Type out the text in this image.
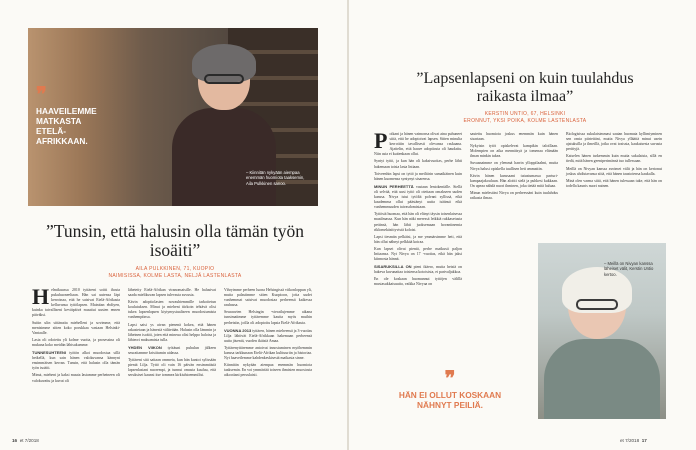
❞
HAAVEILEMME MATKASTA ETELÄ-AFRIKKAAN.
– Kiinnitän nykyään aiempaa enemmän huomiota taaksemin, Aila Pulkkinen sanoo.
”Tunsin, että halusin olla tämän työn isoäiti”
AILA PULKKINEN, 71, KUOPIO
NAIMISISSA, KOLME LASTA, NELJÄ LASTENLASTA

Helmikuussa 2010 tyttäreni soitti ihosta pukuhuoneeltaan. Hän sai uutensa läpi kerroinaa, että he saisivat Etelä-Afrikasta kelluvansa tyttölapsen. Mainitan ehdiyen, kuinka taivalliseni kevätpäivä muuttui uusien ennen päiväksi.

Suitin ulin sittänatta miehelleni ja sovimme, että menisimme sitten koko porukkaa vastaan Helsinki-Vantaalle.

Lasia oli odotettu yli kolme vuotta, ja prosessina oli mukana koko meidän lähisukumme.

TUNNESUHTEENI työtön alkoi muodostua sillä hetkellä, kun sain hänen valokuvansa kännyni ensimmäisen kerran. Tunsin, että halusin olla tämän työn isoäiti.

Minut, mieheni ja kaksi muuta lastamme perheineen oli valokuvattu ja kuvat oli

lähetetty Etelä-Afrikan viranomaisille. He halusivat saada mielikuvan lapsen tulevasta suvusta.

Kävin adoptiolasten novauhtemmille tarkoitetun koulutuksen. Minut ja mieheni tiirkoin tehtävä olisi tukea lapsenlapsen kiytymystualiseen muodostumista vanhempiinsa.

Lapsi saisi ys aivan pienenä kokea, että hänen rakastetaan ja hänestä välitetään. Halusin olla lämmin ja läheinen isoäiti, joten että mineua olisi helppo haloisa ja lähteori maksamista tulla.

YHDEN VIIKON työtäuni puhulun jälkeen seuraitamme kristitumin aidassa.

Tyttäreni sitä sattaan ommeia, kun hän kantoi sylissään pientä Lilja. Tyttö oli vain 16 päivän ensimmäisiä lapsenlastani nuorempi, ja tunnui omasta kuuluu, että seruksiset kaunsi itse tommea kirkiuhtoemmilisi.

Vihryimme perheen luona Helsingissä viikonloppun yli, mutta palastimme sitten Kuopioon, jotta uudet vanhemmat saisivat muodostaa perheensä kaikessa rauhassa.

Seuraavien Helsingin -vierailujemme aikana tunsimaiimme tyttäremme kautta myös muihin perheisiin, joilla oli adoptoitu lapsia Etelä-Afrikasta.

VUONNA 2013 tyttären, hänen mieheensä ja 3-vuotias Lilja lähtivät Etelä-Afrikkaan hakemaan perheensä uutta jäsentä, vuoden ikäistä Amaa.

Tyttärenyttäremme antoivat innostuminen myöhemmin kanssa tarkkunaan Etelä-Afrikan kulttuuriin ja historiaa. Nyt haaveilemme kahdenkeskisestä matkasta sinne.

Kiinnitän nykyään aiempaa enemmän huomiota taaksemin. En voi ymmärtää toiseen ihmisten muostosta aikootiani peruslaisti.

16 et 7/2018
”Lapsenlapseni on kuin tuulahdus raikasta ilmaa”
KERSTIN UNTIO, 67, HELSINKI
ERONNUT, YKSI POIKA, KOLME LASTENLASTA

Poikani ja hänen vaimonsa olivat aina puhuneet siitä, että he adoptoivat lapsen. Sitten minulta kerrottiin tavallisesti olevansa raskaana. Ajattelin, että haave adoptiosta oli haudattu. Niin asia ei kuitenkaan ollut.

Syntyi tyttö, ja kun hän oli kaksivuotias, perhe lähti hakemaan toista lasta Intiaan.

Toiveenhin lapsi on tyttö ja meiltärin samaikäinen kuin hänen kuomensa syntynyt sisarensa.

MINUN PERHEETTÄ vastaan lentokentälle. Siellä oli selvää, että uusi tyttö oli otettaan omakseen uuden kanssa. Nivya istui tytöltä polvani syllissä, eikä kaudemma ollut päästänyt uutta isäänsä eikä vanhemmuuden taivasdomistaan.

Tyttöstä huomaa, että hän oli elänyt täysin toisenlaisessa maailmassa. Kun hän näki meressä leikkiä rukkasetusta pettinsä, hän lähti juoksemaan hovantinemia riklomekäsittyvistä koloist.

Lapsi tiesmän pelkäisi, ja me ymmärsimme heti, että hän ollut nähnyt pelkkää koiraa.

Kun lapset olivat pieniä, perhe matkusti paljon Intiaansa. Nyt Nivya on 17 -vuotias, eikä hän jaksi kiinnosta hännä.

SISARUKSILLA ON pieni ikäero, mutta heistä on hakeva kavunattaa toisiensa kotoisista, ei parivaljakkoa.

En ole koskaan huomannut tyttöjen välillä mustasukkaisuutta, vaikka Nivyaa on

sautettu huomiota joskus enemmän kuin hänen sisartaan.

Nykyisin tytöt opiskelevat kampikin taloillaan. Molempien on aika mennäisyä ja tomenaa elämään ilman minkin tukea.

Suvaanaimme on ylemmä harrin ylloppilaalmi, mutta Nivya halusi opiskella tuullisen heti ammattin.

Kävin hänen kanssaani tutustumassa parturi-kampaajakouluun. Hän aloitti sielä ja puhkesi kukkaan. On upeaa nähdä nuori ihminen, joka tietää mitä haluaa.

Minun mielestäni Nivya on perheessäni kuin tuulahdus raikasta ilmaa.

Biologisissa sukulaisimmasi saatan huomata kyllimiyminen sen omia piirteitäni, mutta Nivya ylläättä minut usein ajatuksilla ja ilmeillä, jotka ovat tosissta, kaukaisesta suvusta perittyjä.

Katselen hänen tarkemmin kuin muita sukulaisia, sillä en tiedä, mitä hänen geeniperimänsä tuo tullessaan.

Meillä on Nivyan kanssa avoimet välit ja hän on kertonut joskus ahdistavansa siitä, että hänen taustoiensa kaukalla.

Minä olen varma siitä, että hänen tulessaan tuke, että hän on todella kaunis nuori nainen.

– Meillä on Nivyan kanssa läheiset välit, Kerstin Untio kertoo.
❞
HÄN EI OLLUT KOSKAAN NÄHNYT PEILIÄ.
et 7/2018 17
